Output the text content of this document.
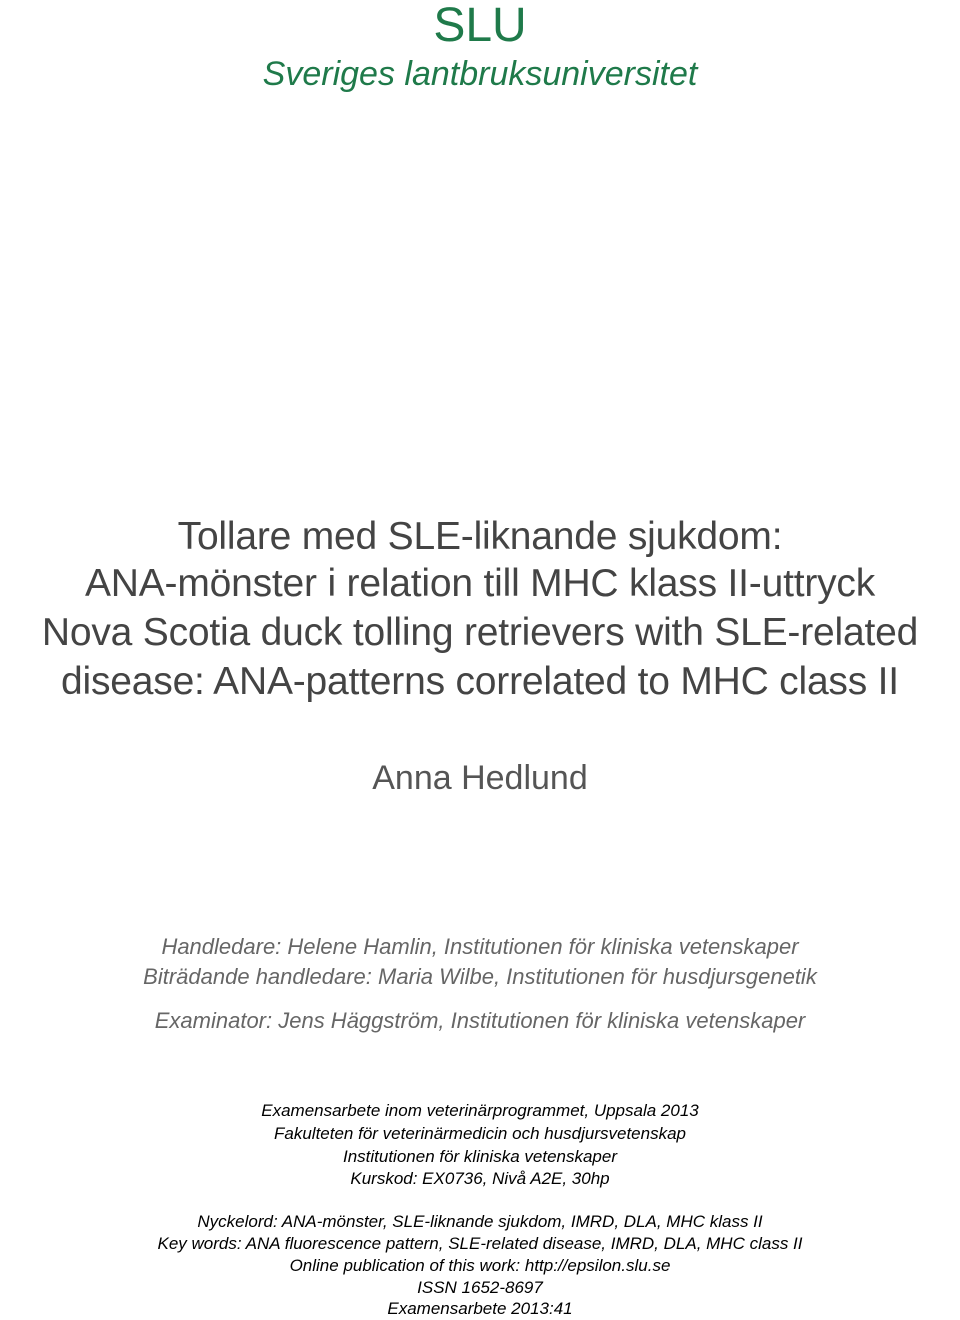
SLU
Sveriges lantbruksuniversitet
Tollare med SLE-liknande sjukdom:
ANA-mönster i relation till MHC klass II-uttryck
Nova Scotia duck tolling retrievers with SLE-related
disease: ANA-patterns correlated to MHC class II
Anna Hedlund
Handledare: Helene Hamlin, Institutionen för kliniska vetenskaper
Biträdande handledare: Maria Wilbe, Institutionen för husdjursgenetik
Examinator: Jens Häggström, Institutionen för kliniska vetenskaper
Examensarbete inom veterinärprogrammet, Uppsala 2013
Fakulteten för veterinärmedicin och husdjursvetenskap
Institutionen för kliniska vetenskaper
Kurskod: EX0736, Nivå A2E, 30hp
Nyckelord: ANA-mönster, SLE-liknande sjukdom, IMRD, DLA, MHC klass II
Key words: ANA fluorescence pattern, SLE-related disease, IMRD, DLA, MHC class II
Online publication of this work: http://epsilon.slu.se
ISSN 1652-8697
Examensarbete 2013:41
